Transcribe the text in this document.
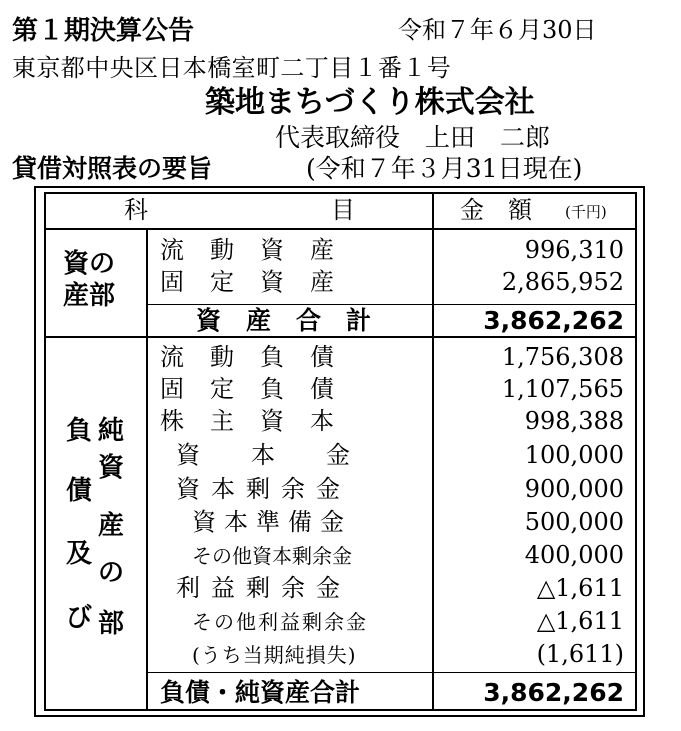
第１期決算公告	令和７年６月30日
東京都中央区日本橋室町二丁目１番１号
築地まちづくり株式会社
代表取締役　上田　二郎
貸借対照表の要旨	(令和７年３月31日現在)
科	目	金　額 (千円)
資の
産部
流　動　資　産	996,310
固　定　資　産	2,865,952
資　産　合　計	3,862,262
負
債
及
び
純
資
産
の
部
流　動　負　債	1,756,308
固　定　負　債	1,107,565
株　主　資　本	998,388
資　　本　　金	100,000
資本剰余金	900,000
資本準備金	500,000
その他資本剰余金	400,000
利益剰余金	△1,611
その他利益剰余金	△1,611
(うち当期純損失)	(1,611)
負債・純資産合計	3,862,262
